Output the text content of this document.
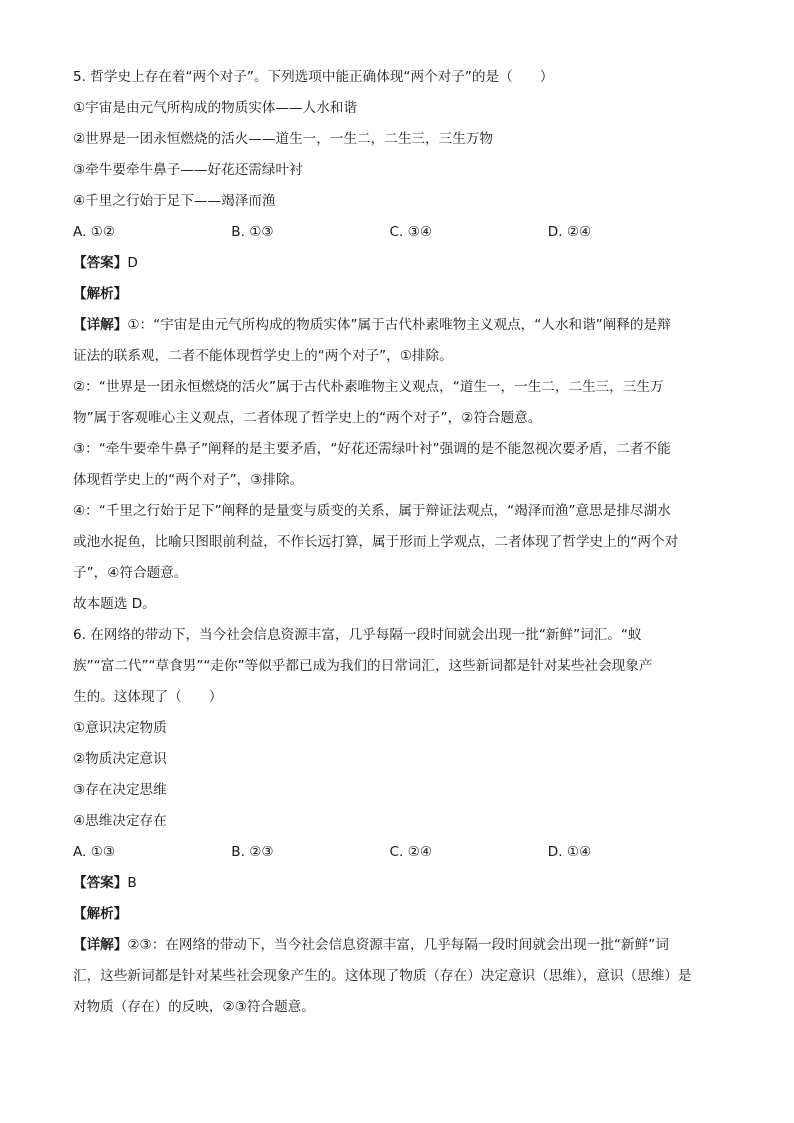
5. 哲学史上存在着“两个对子”。下列选项中能正确体现“两个对子”的是（　　）
①宇宙是由元气所构成的物质实体——人水和谐
②世界是一团永恒燃烧的活火——道生一，一生二，二生三，三生万物
③牵牛要牵牛鼻子——好花还需绿叶衬
④千里之行始于足下——竭泽而渔
A. ①②	B. ①③	C. ③④	D. ②④
【答案】D
【解析】
【详解】①：“宇宙是由元气所构成的物质实体”属于古代朴素唯物主义观点，“人水和谐”阐释的是辩
证法的联系观，二者不能体现哲学史上的“两个对子”，①排除。
②：“世界是一团永恒燃烧的活火”属于古代朴素唯物主义观点，“道生一，一生二，二生三，三生万
物”属于客观唯心主义观点，二者体现了哲学史上的“两个对子”，②符合题意。
③：“牵牛要牵牛鼻子”阐释的是主要矛盾，“好花还需绿叶衬”强调的是不能忽视次要矛盾，二者不能
体现哲学史上的“两个对子”，③排除。
④：“千里之行始于足下”阐释的是量变与质变的关系，属于辩证法观点，“竭泽而渔”意思是排尽湖水
或池水捉鱼，比喻只图眼前利益，不作长远打算，属于形而上学观点，二者体现了哲学史上的“两个对
子”，④符合题意。
故本题选 D。
6. 在网络的带动下，当今社会信息资源丰富，几乎每隔一段时间就会出现一批“新鲜”词汇。“蚁
族”“富二代”“草食男”“走你”等似乎都已成为我们的日常词汇，这些新词都是针对某些社会现象产
生的。这体现了（　　）
①意识决定物质
②物质决定意识
③存在决定思维
④思维决定存在
A. ①③	B. ②③	C. ②④	D. ①④
【答案】B
【解析】
【详解】②③：在网络的带动下，当今社会信息资源丰富，几乎每隔一段时间就会出现一批“新鲜”词
汇，这些新词都是针对某些社会现象产生的。这体现了物质（存在）决定意识（思维），意识（思维）是
对物质（存在）的反映，②③符合题意。
